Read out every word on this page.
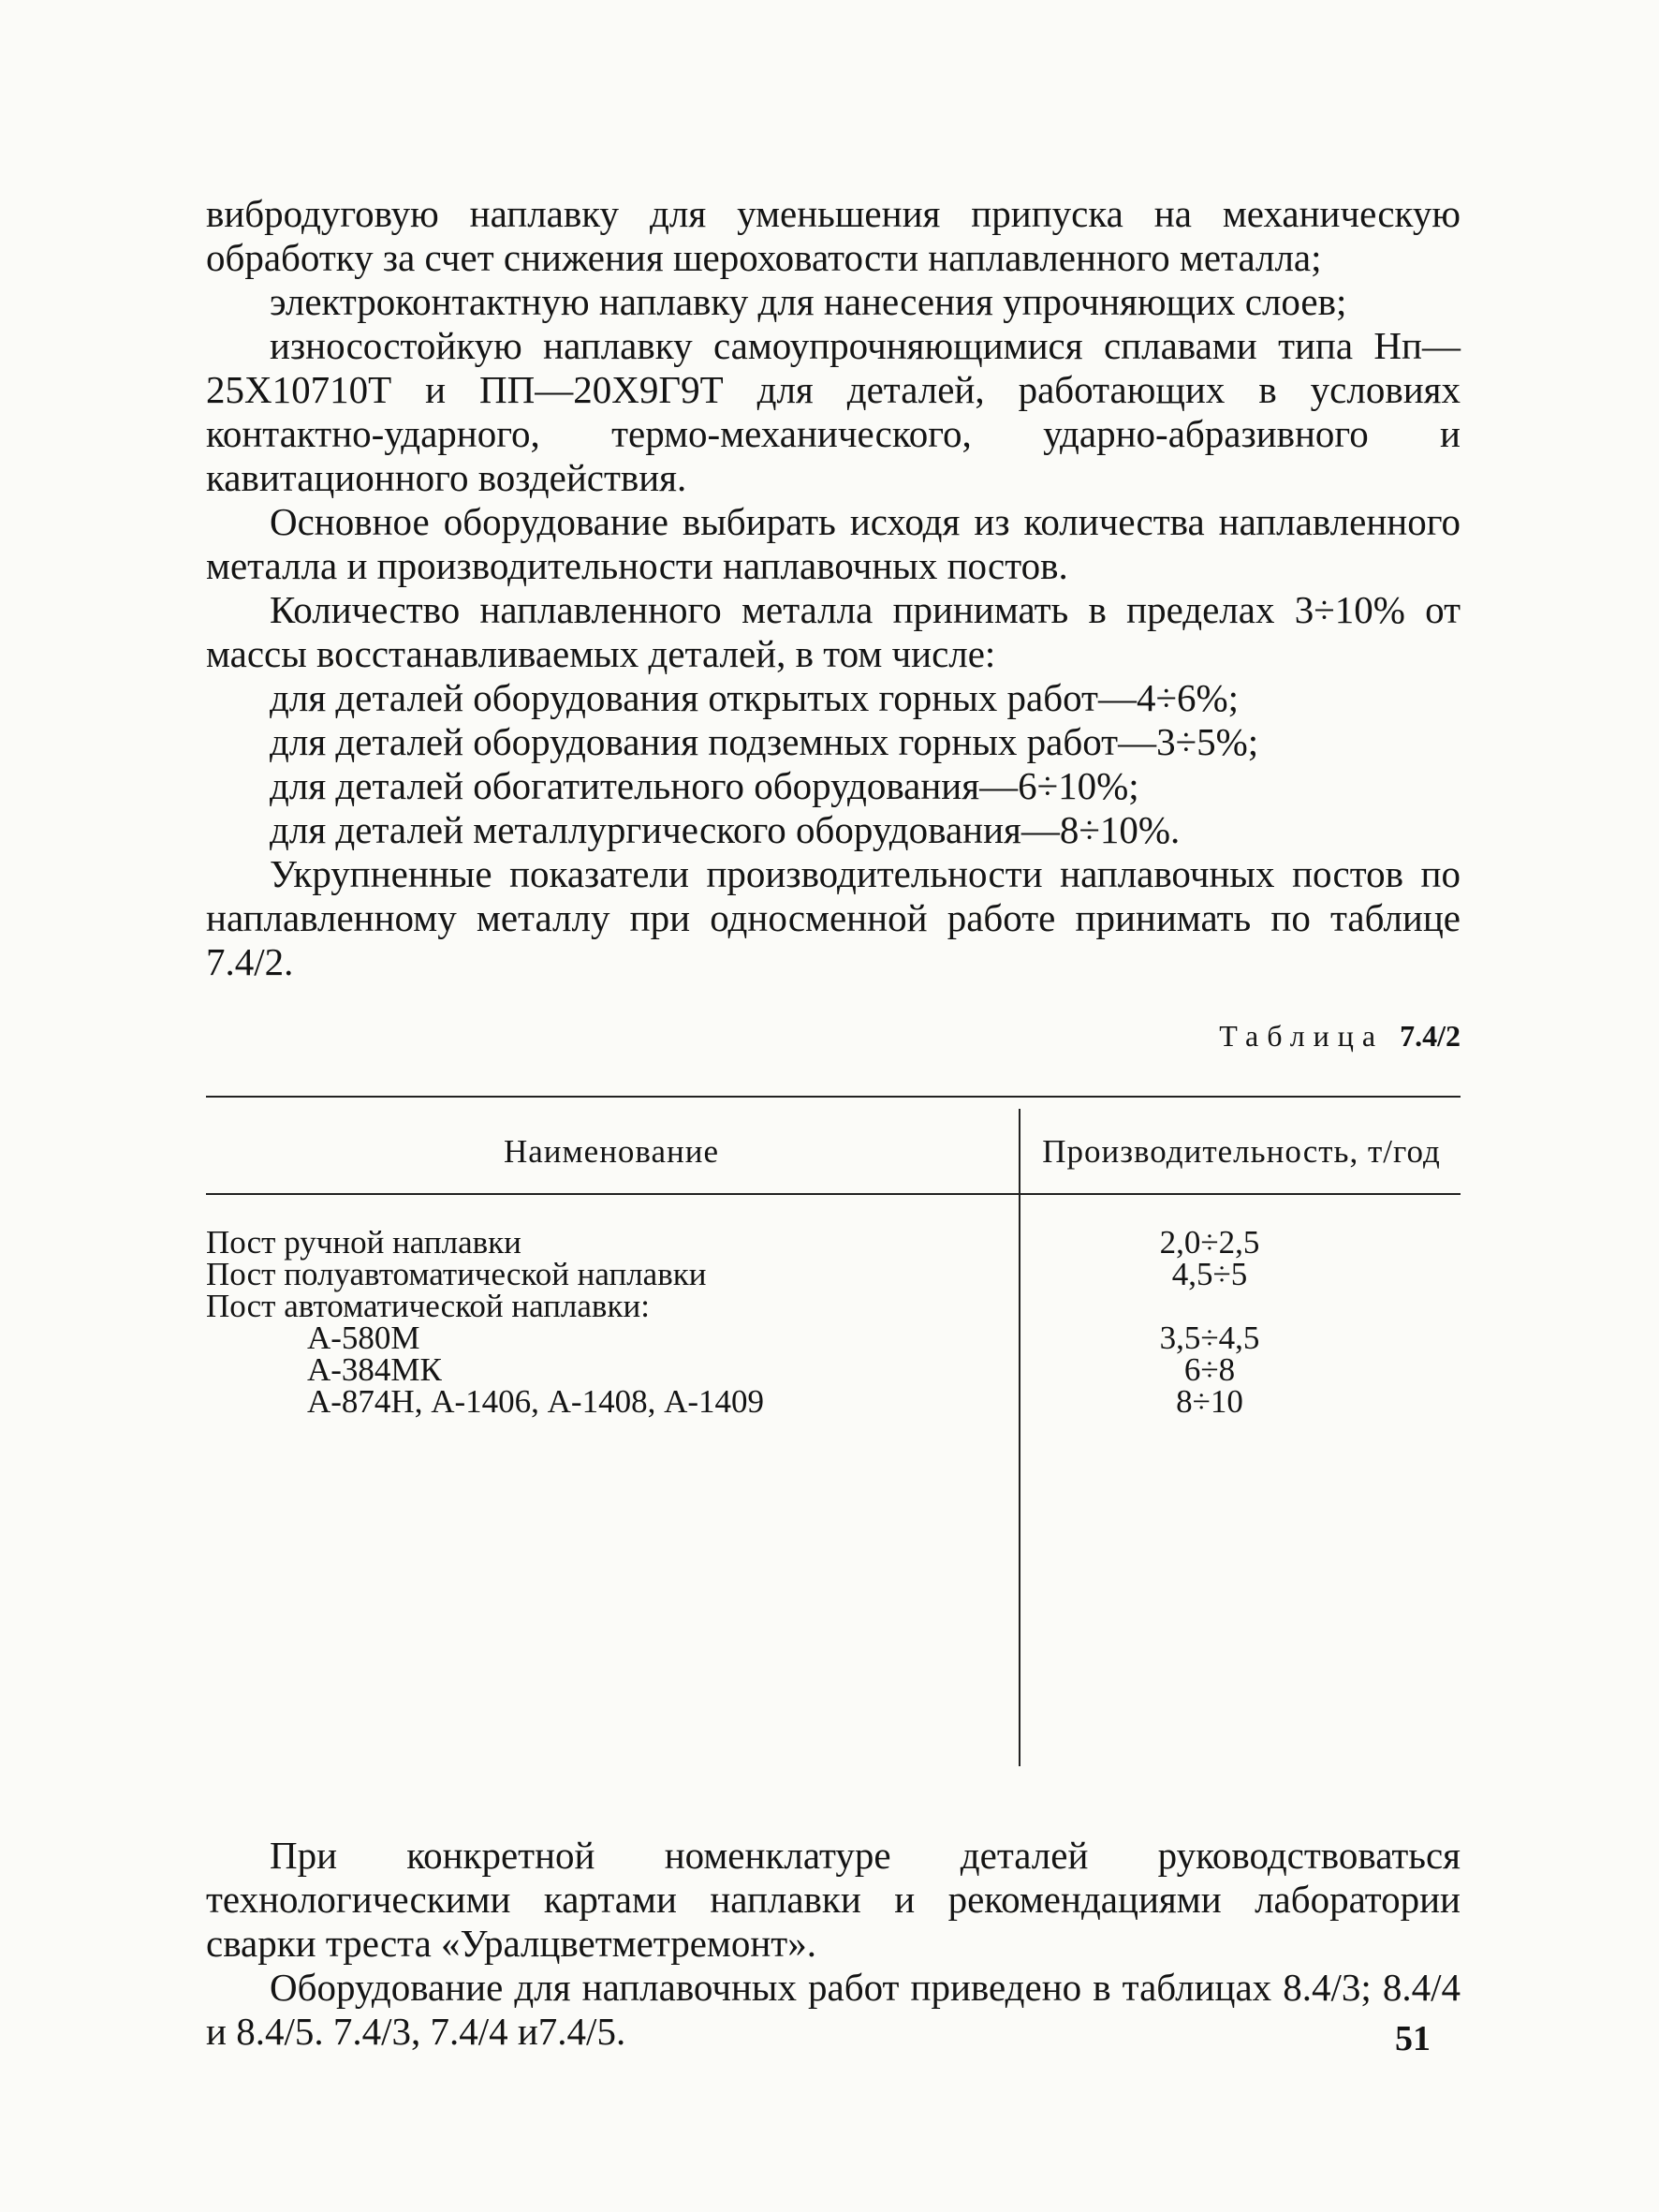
вибродуговую наплавку для уменьшения припуска на механическую обработку за счет снижения шероховатости наплавленного металла;

электроконтактную наплавку для нанесения упрочняющих слоев;

износостойкую наплавку самоупрочняющимися сплавами типа Нп—25Х10710Т и ПП—20Х9Г9Т для деталей, работающих в условиях контактно-ударного, термо-механического, ударно-абразивного и кавитационного воздействия.

Основное оборудование выбирать исходя из количества наплавленного металла и производительности наплавочных постов.

Количество наплавленного металла принимать в пределах 3÷10% от массы восстанавливаемых деталей, в том числе:

для деталей оборудования открытых горных работ—4÷6%;

для деталей оборудования подземных горных работ—3÷5%;

для деталей обогатительного оборудования—6÷10%;

для деталей металлургического оборудования—8÷10%.

Укрупненные показатели производительности наплавочных постов по наплавленному металлу при односменной работе принимать по таблице 7.4/2.

Таблица 7.4/2
Наименование	Производительность, т/год
Пост ручной наплавки	2,0÷2,5
Пост полуавтоматической наплавки	4,5÷5
Пост автоматической наплавки:
А-580М	3,5÷4,5
А-384МК	6÷8
А-874Н, А-1406, А-1408, А-1409	8÷10

При конкретной номенклатуре деталей руководствоваться технологическими картами наплавки и рекомендациями лаборатории сварки треста «Уралцветметремонт».

Оборудование для наплавочных работ приведено в таблицах 8.4/3; 8.4/4 и 8.4/5. 7.4/3, 7.4/4 и7.4/5.	51
